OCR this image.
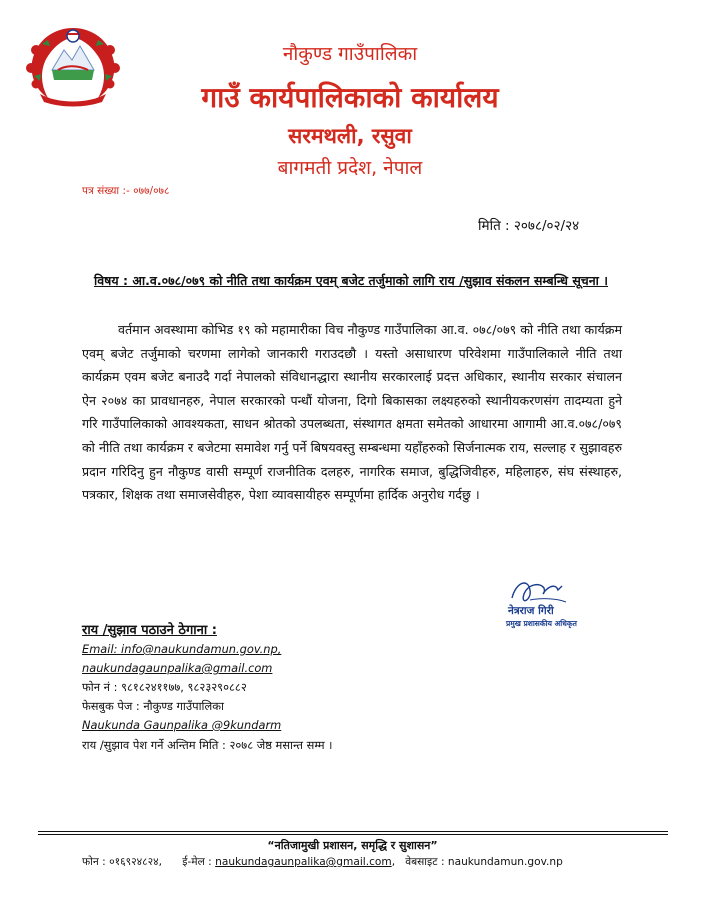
नौकुण्ड गाउँपालिका
गाउँ कार्यपालिकाको कार्यालय
सरमथली, रसुवा
बागमती प्रदेश, नेपाल
पत्र संख्या :- ०७७/०७८
मिति : २०७८/०२/२४
विषय : आ.व.०७८/०७९ को नीति तथा कार्यक्रम एवम् बजेट तर्जुमाको लागि राय /सुझाव संकलन सम्बन्धि सूचना ।

वर्तमान अवस्थामा कोभिड १९ को महामारीका विच नौकुण्ड गाउँपालिका आ.व. ०७८/०७९ को नीति तथा कार्यक्रम एवम् बजेट तर्जुमाको चरणमा लागेको जानकारी गराउदछौ । यस्तो असाधारण परिवेशमा गाउँपालिकाले नीति तथा कार्यक्रम एवम बजेट बनाउदै गर्दा नेपालको संविधानद्धारा स्थानीय सरकारलाई प्रदत्त अधिकार, स्थानीय सरकार संचालन ऐन २०७४ का प्रावधानहरु, नेपाल सरकारको पन्धौं योजना, दिगो बिकासका लक्ष्यहरुको स्थानीयकरणसंग तादम्यता हुने गरि गाउँपालिकाको आवश्यकता, साधन श्रोतको उपलब्धता, संस्थागत क्षमता समेतको आधारमा आगामी आ.व.०७८/०७९ को नीति तथा कार्यक्रम र बजेटमा समावेश गर्नु पर्ने बिषयवस्तु सम्बन्धमा यहाँहरुको सिर्जनात्मक राय, सल्लाह र सुझावहरु प्रदान गरिदिनु हुन नौकुण्ड वासी सम्पूर्ण राजनीतिक दलहरु, नागरिक समाज, बुद्धिजिवीहरु, महिलाहरु, संघ संस्थाहरु, पत्रकार, शिक्षक तथा समाजसेवीहरु, पेशा व्यावसायीहरु सम्पूर्णमा हार्दिक अनुरोध गर्दछु ।

नेत्रराज गिरी
प्रमुख प्रशासकीय अधिकृत
राय /सुझाव पठाउने ठेगाना :
Email: info@naukundamun.gov.np,
naukundagaunpalika@gmail.com
फोन नं : ९८१८२४११७७, ९८२३२९०८८२
फेसबुक पेज : नौकुण्ड गाउँपालिका
Naukunda Gaunpalika @9kundarm
राय /सुझाव पेश गर्ने अन्तिम मिति : २०७८ जेष्ठ मसान्त सम्म ।
“नतिजामुखी प्रशासन, समृद्धि र सुशासन”
फोन : ०१६९२४८२४, ई-मेल : naukundagaunpalika@gmail.com,   वेबसाइट : naukundamun.gov.np
